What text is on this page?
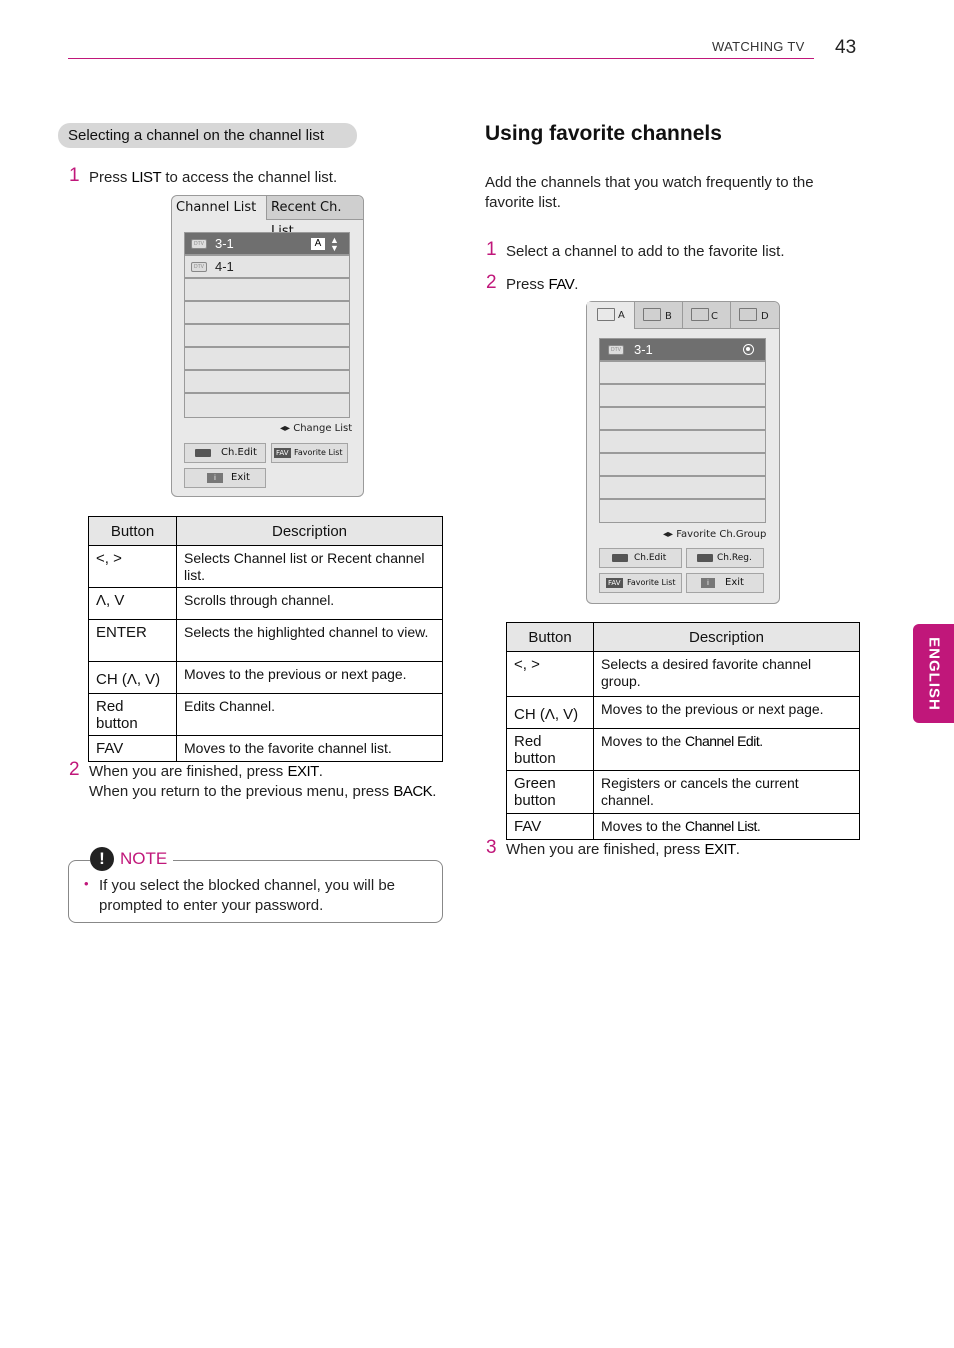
WATCHING TV 43
ENGLISH
Selecting a channel on the channel list
1 Press LIST to access the channel list.
Channel List	Recent Ch.
DTV 3-1	A ▲
▼
DTV 4-1
◂▸ Change List
Ch.Edit	FAV Favorite List
i	Exit
Button	Description
<, >	Selects Channel list or Recent channel list.
Λ, V	Scrolls through channel.
ENTER	Selects the highlighted channel to view.
CH (Λ, V)	Moves to the previous or next page.
Red button	Edits Channel.
FAV	Moves to the favorite channel list.
2 When you are finished, press EXIT.
When you return to the previous menu, press BACK.
! NOTE
• If you select the blocked channel, you will be prompted to enter your password.
Using favorite channels
Add the channels that you watch frequently to the favorite list.
1 Select a channel to add to the favorite list.
2 Press FAV.
A	B	C	D
DTV 3-1
◂▸ Favorite Ch.Group
Ch.Edit	Ch.Reg.
FAV Favorite List	i	Exit
Button	Description
<, >	Selects a desired favorite channel group.
CH (Λ, V)	Moves to the previous or next page.
Red button	Moves to the Channel Edit.
Green button	Registers or cancels the current channel.
FAV	Moves to the Channel List.
3 When you are finished, press EXIT.
